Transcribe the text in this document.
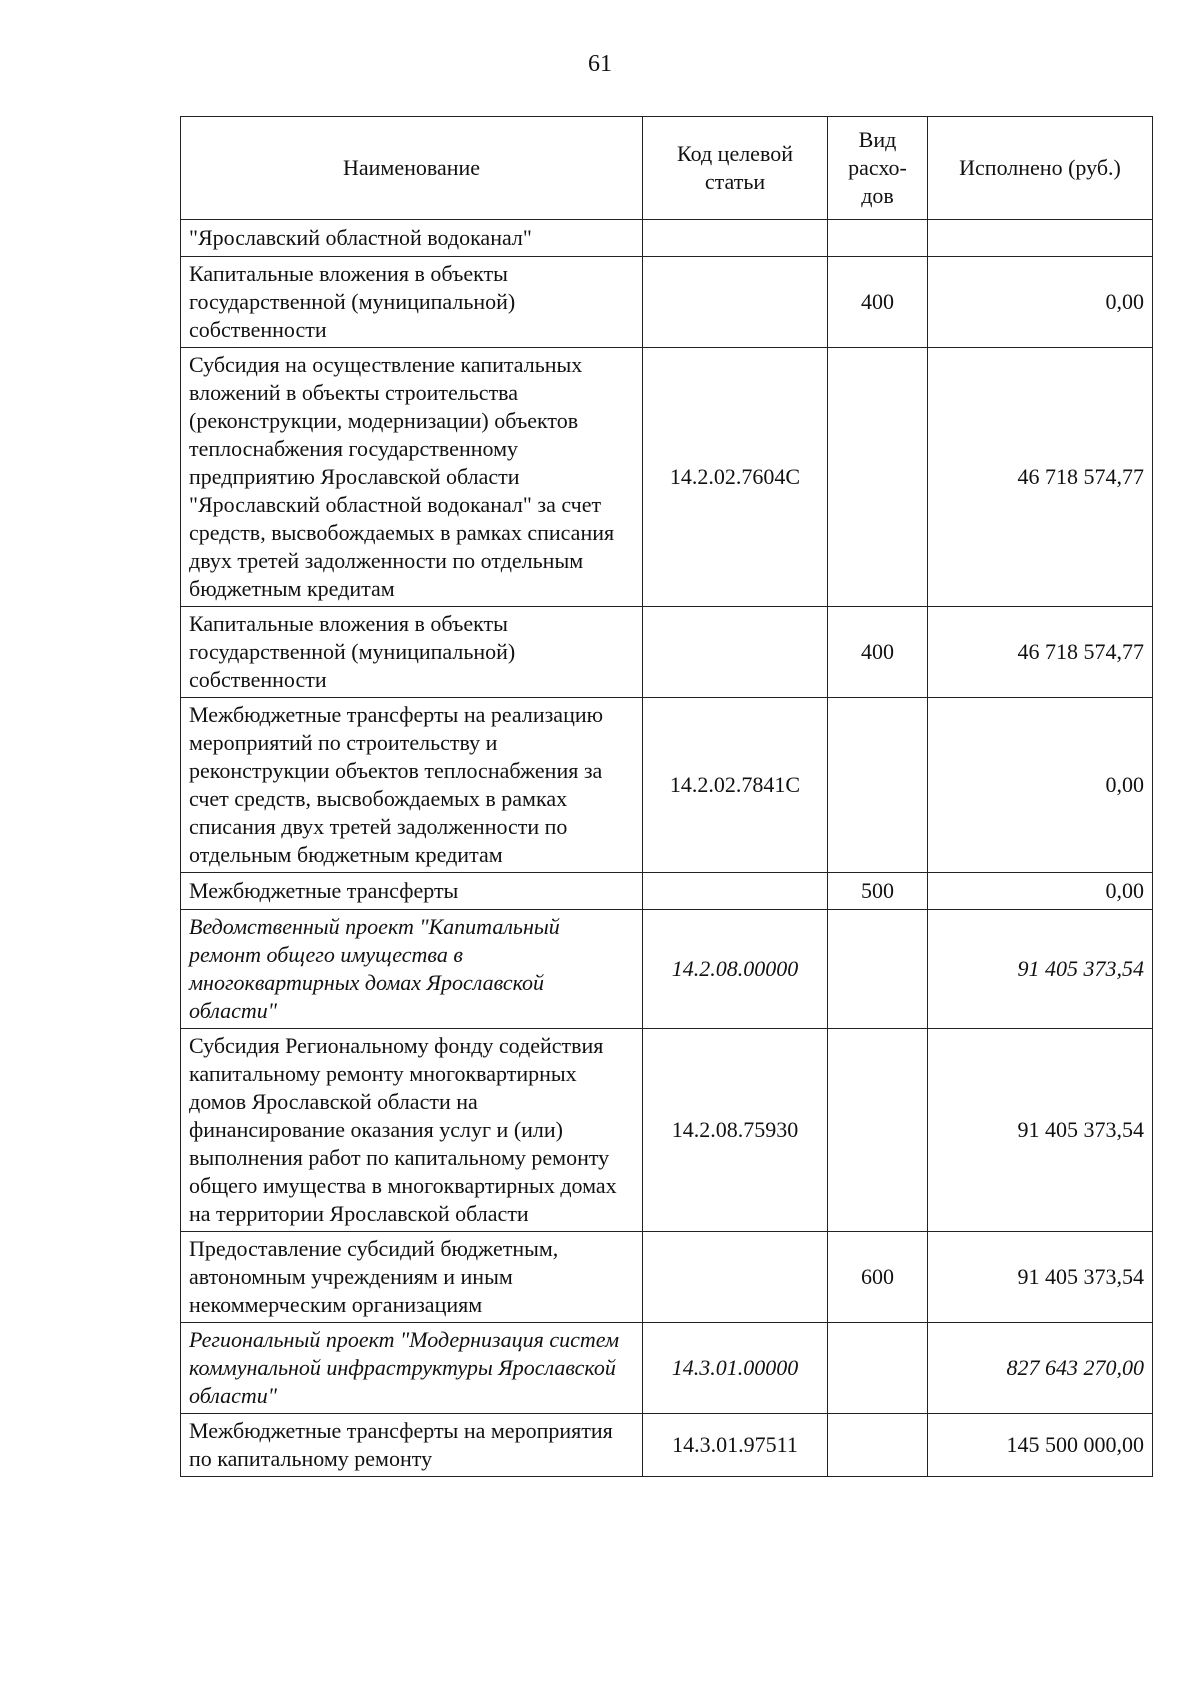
61
Наименование	Код целевой статьи	Вид расхо-дов	Исполнено (руб.)
"Ярославский областной водоканал"			
Капитальные вложения в объекты государственной (муниципальной) собственности		400	0,00
Субсидия на осуществление капитальных вложений в объекты строительства (реконструкции, модернизации) объектов теплоснабжения государственному предприятию Ярославской области "Ярославский областной водоканал" за счет средств, высвобождаемых в рамках списания двух третей задолженности по отдельным бюджетным кредитам	14.2.02.7604С		46 718 574,77
Капитальные вложения в объекты государственной (муниципальной) собственности		400	46 718 574,77
Межбюджетные трансферты на реализацию мероприятий по строительству и реконструкции объектов теплоснабжения за счет средств, высвобождаемых в рамках списания двух третей задолженности по отдельным бюджетным кредитам	14.2.02.7841С		0,00
Межбюджетные трансферты		500	0,00
Ведомственный проект "Капитальный ремонт общего имущества в многоквартирных домах Ярославской области"	14.2.08.00000		91 405 373,54
Субсидия Региональному фонду содействия капитальному ремонту многоквартирных домов Ярославской области на финансирование оказания услуг и (или) выполнения работ по капитальному ремонту общего имущества в многоквартирных домах на территории Ярославской области	14.2.08.75930		91 405 373,54
Предоставление субсидий бюджетным, автономным учреждениям и иным некоммерческим организациям		600	91 405 373,54
Региональный проект "Модернизация систем коммунальной инфраструктуры Ярославской области"	14.3.01.00000		827 643 270,00
Межбюджетные трансферты на мероприятия по капитальному ремонту	14.3.01.97511		145 500 000,00
